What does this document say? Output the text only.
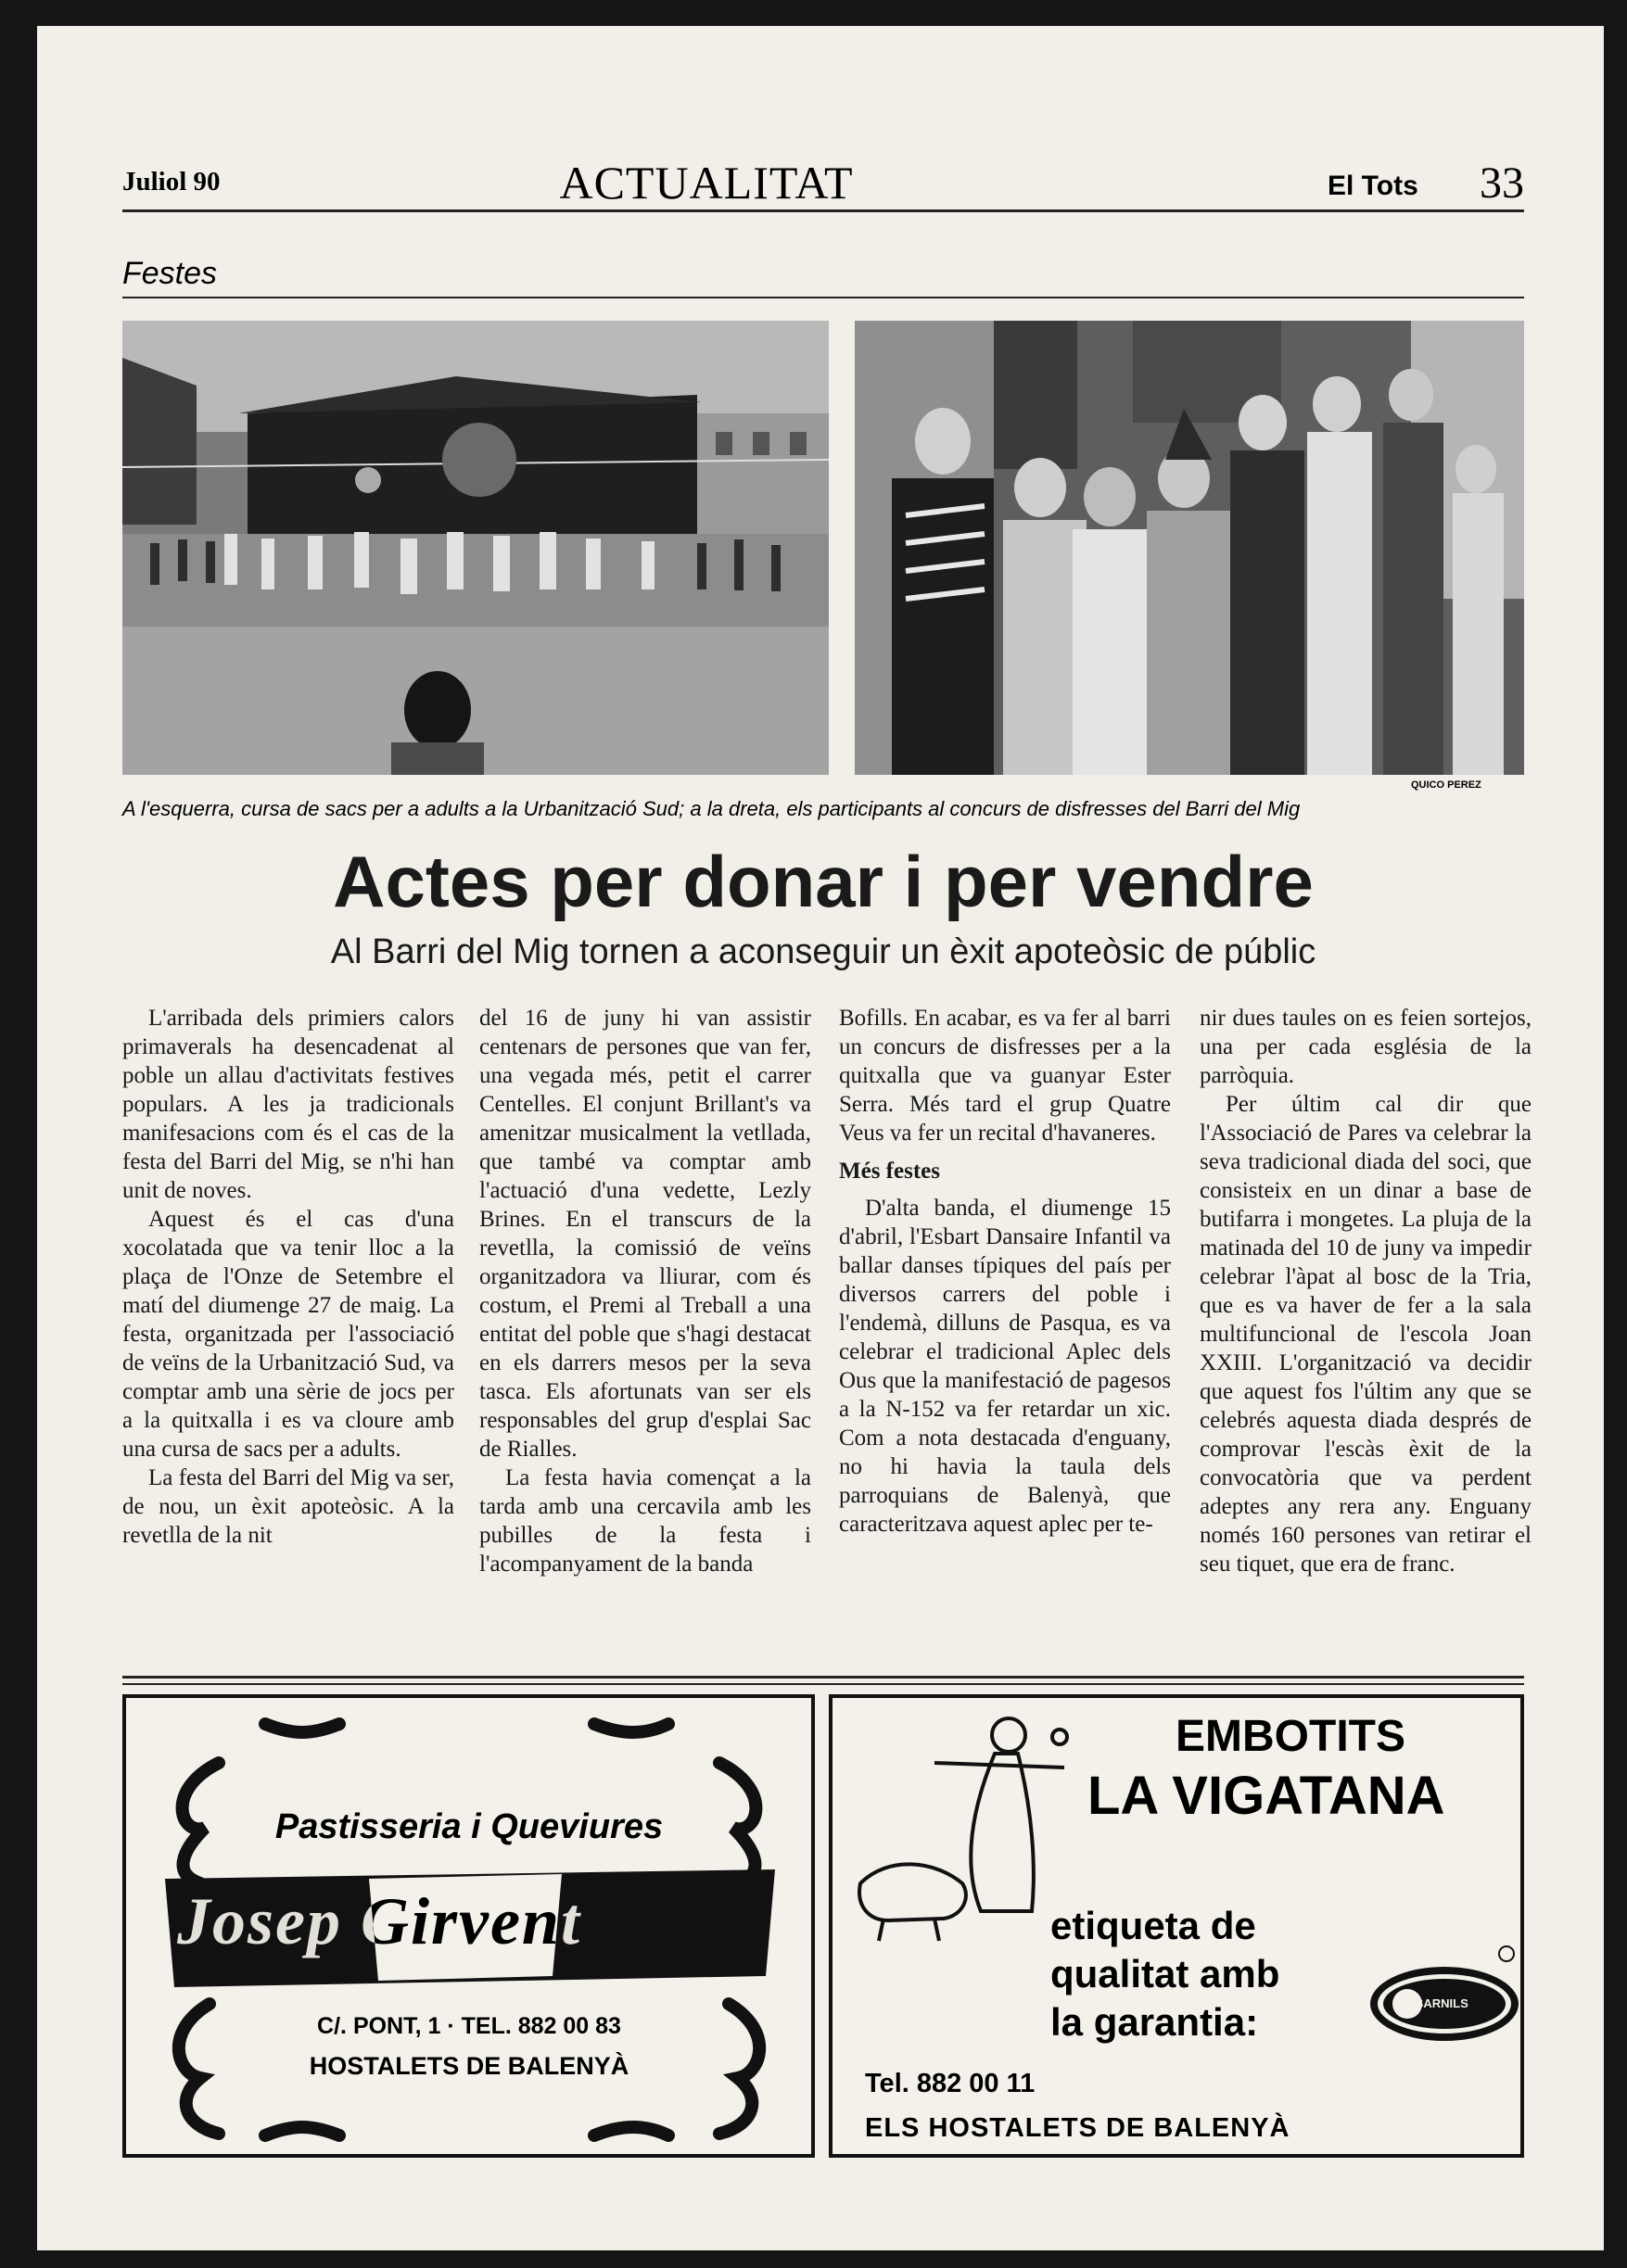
Juliol 90	ACTUALITAT	El Tots 33
Festes
QUICO PEREZ
A l'esquerra, cursa de sacs per a adults a la Urbanització Sud; a la dreta, els participants al concurs de disfresses del Barri del Mig
Actes per donar i per vendre
Al Barri del Mig tornen a aconseguir un èxit apoteòsic de públic

L'arribada dels primiers calors primaverals ha desencadenat al poble un allau d'activitats festives populars. A les ja tradicionals manifesacions com és el cas de la festa del Barri del Mig, se n'hi han unit de noves.

Aquest és el cas d'una xocolatada que va tenir lloc a la plaça de l'Onze de Setembre el matí del diumenge 27 de maig. La festa, organitzada per l'associació de veïns de la Urbanització Sud, va comptar amb una sèrie de jocs per a la quitxalla i es va cloure amb una cursa de sacs per a adults.

La festa del Barri del Mig va ser, de nou, un èxit apoteòsic. A la revetlla de la nit

del 16 de juny hi van assistir centenars de persones que van fer, una vegada més, petit el carrer Centelles. El conjunt Brillant's va amenitzar musicalment la vetllada, que també va comptar amb l'actuació d'una vedette, Lezly Brines. En el transcurs de la revetlla, la comissió de veïns organitzadora va lliurar, com és costum, el Premi al Treball a una entitat del poble que s'hagi destacat en els darrers mesos per la seva tasca. Els afortunats van ser els responsables del grup d'esplai Sac de Rialles.

La festa havia començat a la tarda amb una cercavila amb les pubilles de la festa i l'acompanyament de la banda

Bofills. En acabar, es va fer al barri un concurs de disfresses per a la quitxalla que va guanyar Ester Serra. Més tard el grup Quatre Veus va fer un recital d'havaneres.

Més festes

D'alta banda, el diumenge 15 d'abril, l'Esbart Dansaire Infantil va ballar danses típiques del país per diversos carrers del poble i l'endemà, dilluns de Pasqua, es va celebrar el tradicional Aplec dels Ous que la manifestació de pagesos a la N-152 va fer retardar un xic. Com a nota destacada d'enguany, no hi havia la taula dels parroquians de Balenyà, que caracteritzava aquest aplec per te-

nir dues taules on es feien sortejos, una per cada església de la parròquia.

Per últim cal dir que l'Associació de Pares va celebrar la seva tradicional diada del soci, que consisteix en un dinar a base de butifarra i mongetes. La pluja de la matinada del 10 de juny va impedir celebrar l'àpat al bosc de la Tria, que es va haver de fer a la sala multifuncional de l'escola Joan XXIII. L'organització va decidir que aquest fos l'últim any que se celebrés aquesta diada després de comprovar l'escàs èxit de la convocatòria que va perdent adeptes any rera any. Enguany només 160 persones van retirar el seu tiquet, que era de franc.

Pastisseria i Queviures
Josep Girvent
C/. PONT, 1 · TEL. 882 00 83
HOSTALETS DE BALENYÀ
EMBOTITS
LA VIGATANA
etiqueta de
qualitat amb
la garantia:	BARNILS
Tel. 882 00 11
ELS HOSTALETS DE BALENYÀ
